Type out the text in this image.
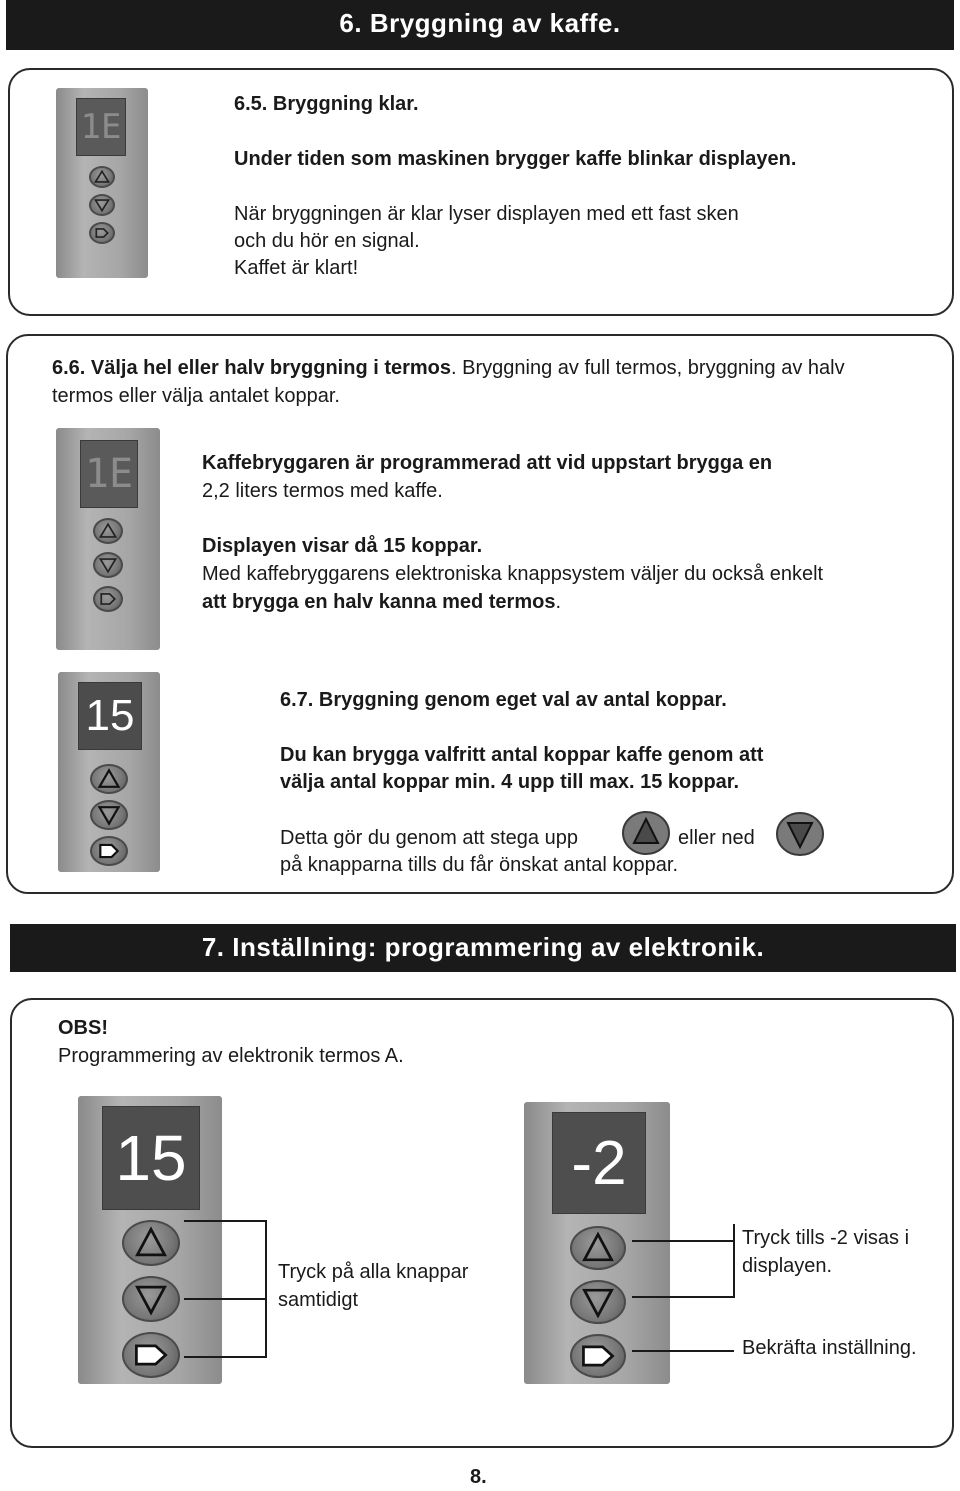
6. Bryggning av kaffe.
1E
6.5. Bryggning klar.
Under tiden som maskinen brygger kaffe blinkar displayen.
När bryggningen är klar lyser displayen med ett fast sken
och du hör en signal.
Kaffet är klart!
6.6. Välja hel eller halv bryggning i termos. Bryggning av full termos, bryggning av halv
termos eller välja antalet koppar.
1E	Kaffebryggaren är programmerad att vid uppstart brygga en
2,2 liters termos med kaffe.
Displayen visar då 15 koppar.
Med kaffebryggarens elektroniska knappsystem väljer du också enkelt
att brygga en halv kanna med termos.
15	6.7. Bryggning genom eget val av antal koppar.
Du kan brygga valfritt antal koppar kaffe genom att
välja antal koppar min. 4 upp till max. 15 koppar.
Detta gör du genom att stega upp	eller ned
på knapparna tills du får önskat antal koppar.
7. Inställning: programmering av elektronik.
OBS!
Programmering av elektronik termos A.
15
Tryck på alla knappar samtidigt
-2
Tryck tills -2 visas i displayen.
Bekräfta inställning.
8.
